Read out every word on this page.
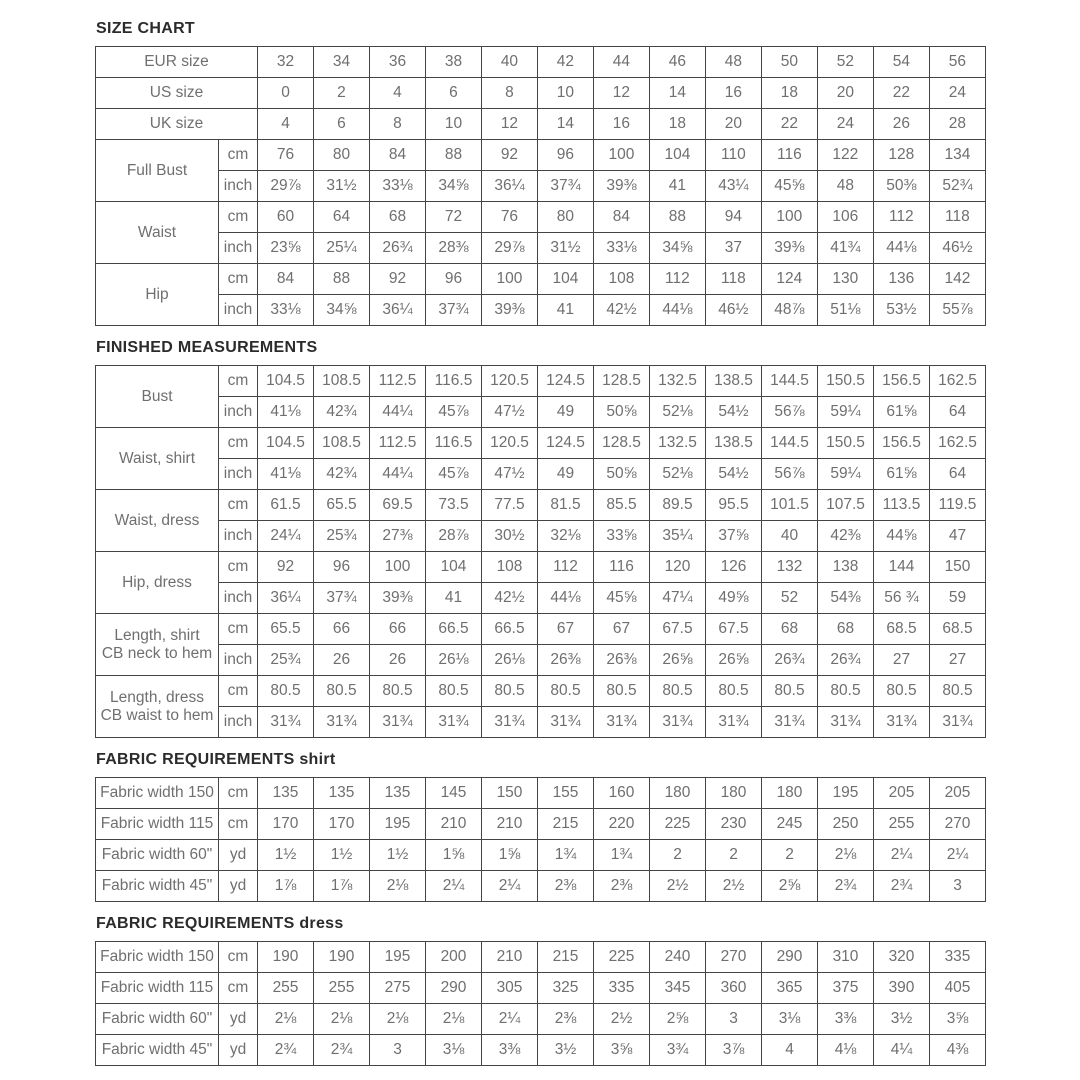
SIZE CHART
EUR size		32	34	36	38	40	42	44	46	48	50	52	54	56
US size		0	2	4	6	8	10	12	14	16	18	20	22	24
UK size		4	6	8	10	12	14	16	18	20	22	24	26	28
Full Bust	cm	76	80	84	88	92	96	100	104	110	116	122	128	134
	inch	29⅞	31½	33⅛	34⅝	36¼	37¾	39⅜	41	43¼	45⅝	48	50⅜	52¾
Waist	cm	60	64	68	72	76	80	84	88	94	100	106	112	118
	inch	23⅝	25¼	26¾	28⅜	29⅞	31½	33⅛	34⅝	37	39⅜	41¾	44⅛	46½
Hip	cm	84	88	92	96	100	104	108	112	118	124	130	136	142
	inch	33⅛	34⅝	36¼	37¾	39⅜	41	42½	44⅛	46½	48⅞	51⅛	53½	55⅞
FINISHED MEASUREMENTS
Bust	cm	104.5	108.5	112.5	116.5	120.5	124.5	128.5	132.5	138.5	144.5	150.5	156.5	162.5
	inch	41⅛	42¾	44¼	45⅞	47½	49	50⅝	52⅛	54½	56⅞	59¼	61⅝	64
Waist, shirt	cm	104.5	108.5	112.5	116.5	120.5	124.5	128.5	132.5	138.5	144.5	150.5	156.5	162.5
	inch	41⅛	42¾	44¼	45⅞	47½	49	50⅝	52⅛	54½	56⅞	59¼	61⅝	64
Waist, dress	cm	61.5	65.5	69.5	73.5	77.5	81.5	85.5	89.5	95.5	101.5	107.5	113.5	119.5
	inch	24¼	25¾	27⅜	28⅞	30½	32⅛	33⅝	35¼	37⅝	40	42⅜	44⅝	47
Hip, dress	cm	92	96	100	104	108	112	116	120	126	132	138	144	150
	inch	36¼	37¾	39⅜	41	42½	44⅛	45⅝	47¼	49⅝	52	54⅜	56 ¾	59

Length, shirt
CB neck to hem	cm	65.5	66	66	66.5	66.5	67	67	67.5	67.5	68	68	68.5	68.5
	inch	25¾	26	26	26⅛	26⅛	26⅜	26⅜	26⅝	26⅝	26¾	26¾	27	27

Length, dress
CB waist to hem	cm	80.5	80.5	80.5	80.5	80.5	80.5	80.5	80.5	80.5	80.5	80.5	80.5	80.5
	inch	31¾	31¾	31¾	31¾	31¾	31¾	31¾	31¾	31¾	31¾	31¾	31¾	31¾
FABRIC REQUIREMENTS shirt
Fabric width 150	cm	135	135	135	145	150	155	160	180	180	180	195	205	205
Fabric width 115	cm	170	170	195	210	210	215	220	225	230	245	250	255	270
Fabric width 60"	yd	1½	1½	1½	1⅝	1⅝	1¾	1¾	2	2	2	2⅛	2¼	2¼
Fabric width 45"	yd	1⅞	1⅞	2⅛	2¼	2¼	2⅜	2⅜	2½	2½	2⅝	2¾	2¾	3
FABRIC REQUIREMENTS dress
Fabric width 150	cm	190	190	195	200	210	215	225	240	270	290	310	320	335
Fabric width 115	cm	255	255	275	290	305	325	335	345	360	365	375	390	405
Fabric width 60"	yd	2⅛	2⅛	2⅛	2⅛	2¼	2⅜	2½	2⅝	3	3⅛	3⅜	3½	3⅝
Fabric width 45"	yd	2¾	2¾	3	3⅛	3⅜	3½	3⅝	3¾	3⅞	4	4⅛	4¼	4⅜
